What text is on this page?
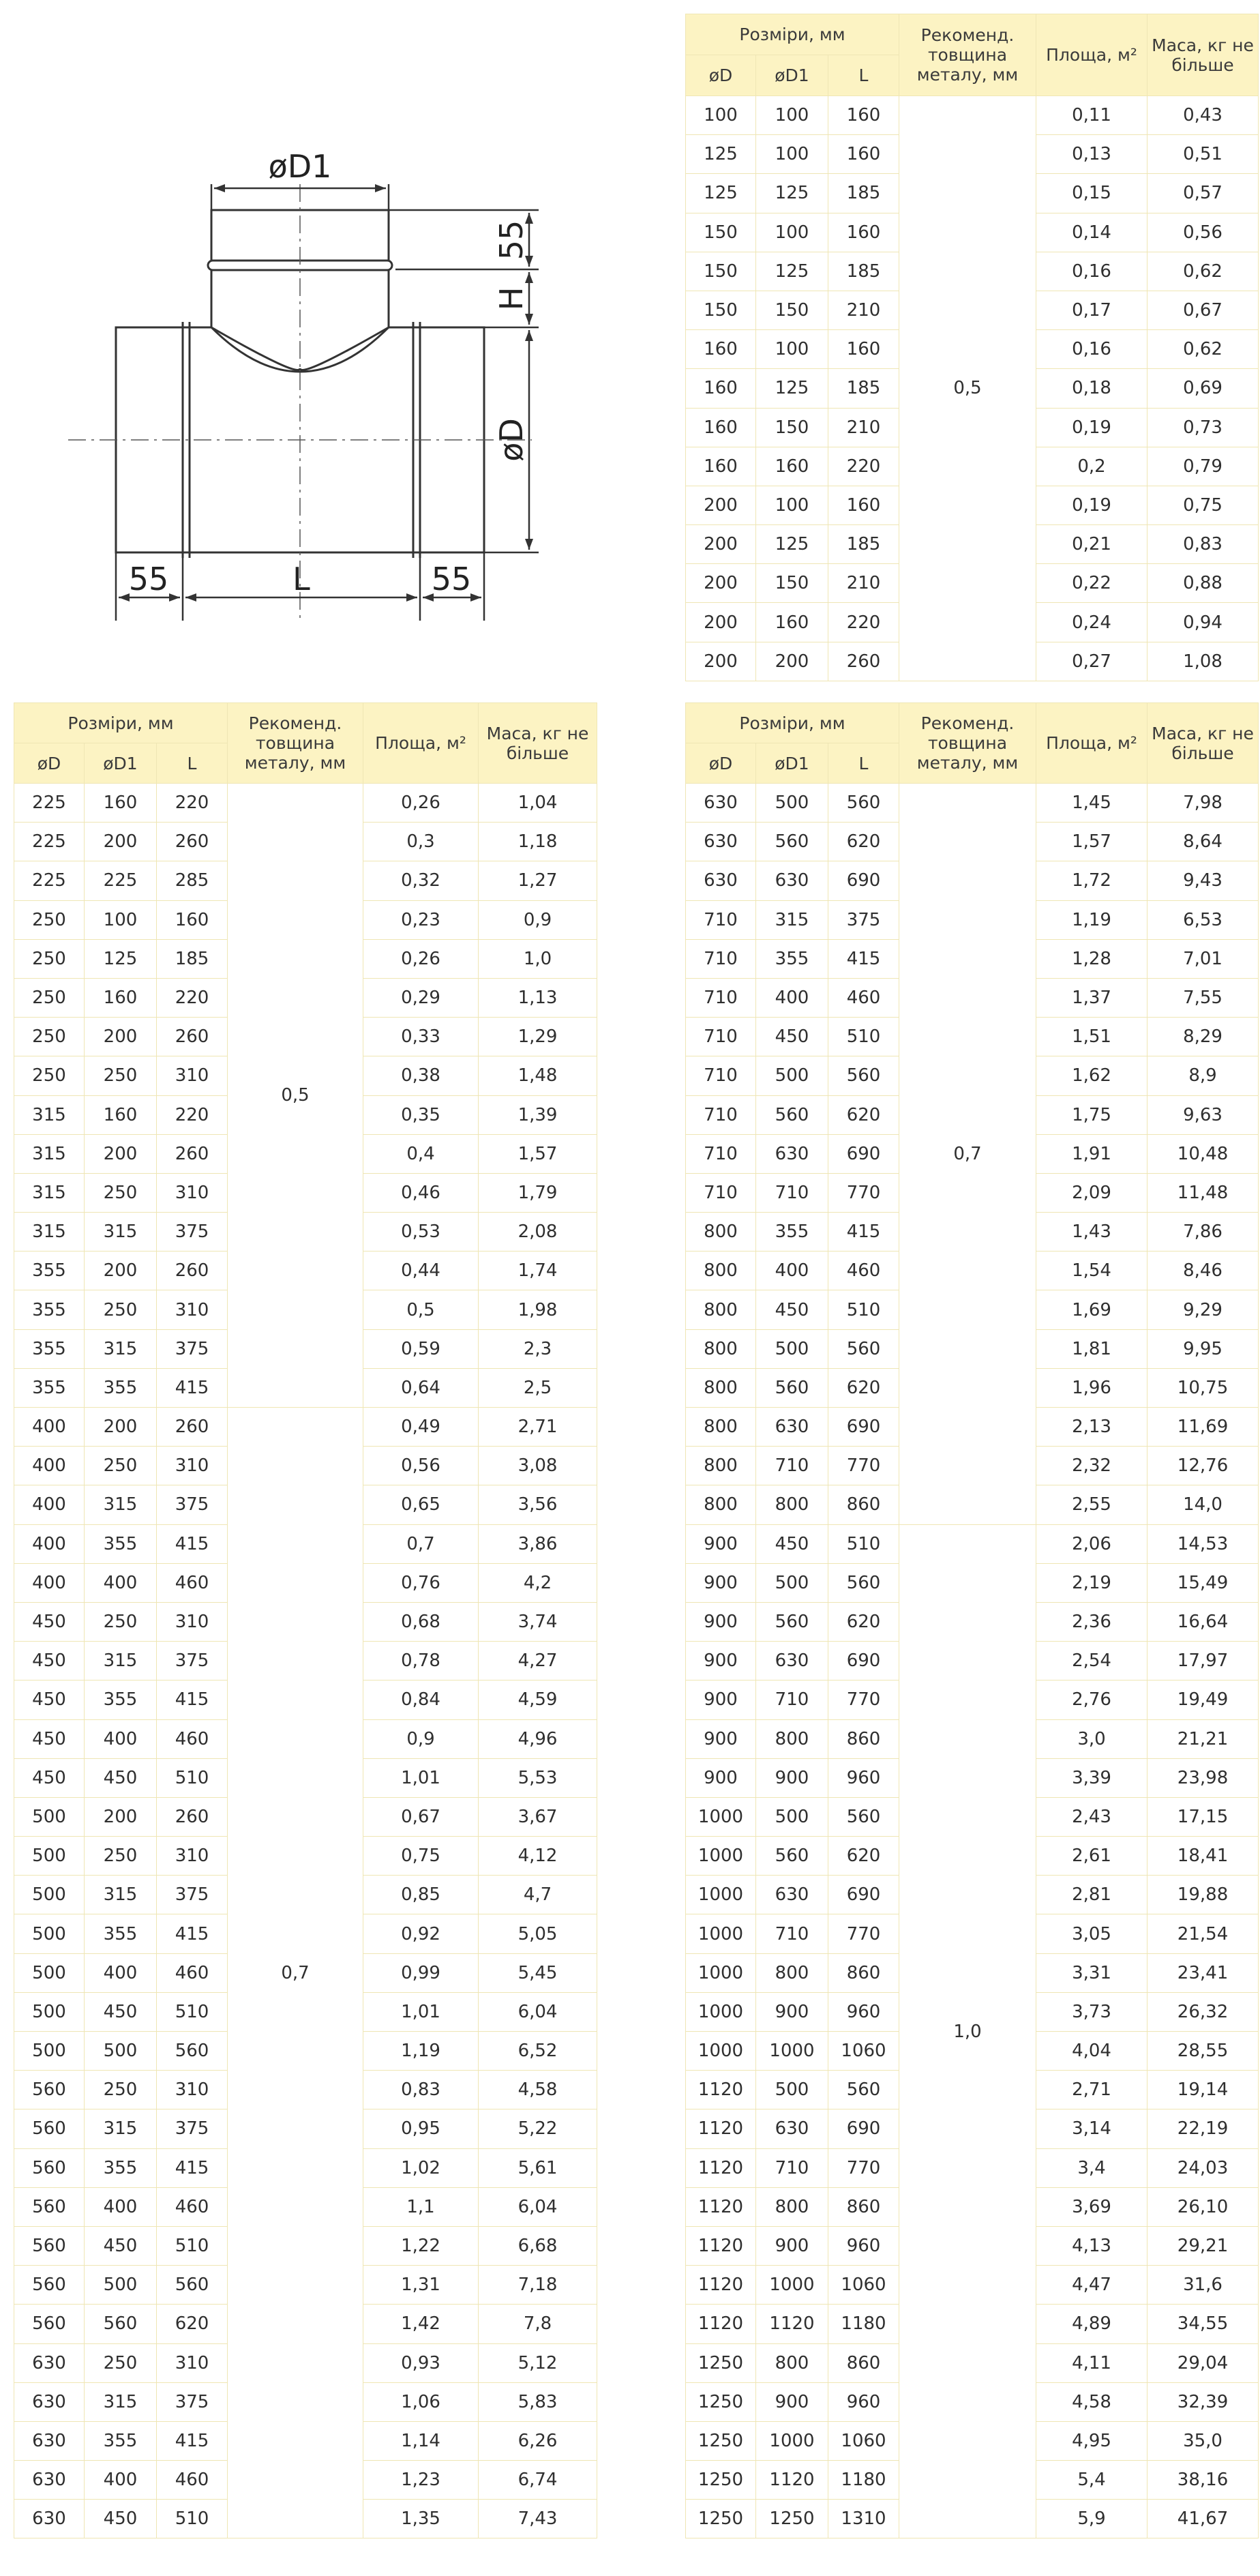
øD1
L
55	55
55
H
øD
Розміри, мм			Рекоменд. товщина металу, мм	Площа, м²	Маса, кг не більше
øD	øD1	L			
100	100	160	0,5	0,11	0,43
125	100	160		0,13	0,51
125	125	185		0,15	0,57
150	100	160		0,14	0,56
150	125	185		0,16	0,62
150	150	210		0,17	0,67
160	100	160		0,16	0,62
160	125	185		0,18	0,69
160	150	210		0,19	0,73
160	160	220		0,2	0,79
200	100	160		0,19	0,75
200	125	185		0,21	0,83
200	150	210		0,22	0,88
200	160	220		0,24	0,94
200	200	260		0,27	1,08
Розміри, мм			Рекоменд. товщина металу, мм	Площа, м²	Маса, кг не більше
øD	øD1	L			
225	160	220	0,5	0,26	1,04
225	200	260		0,3	1,18
225	225	285		0,32	1,27
250	100	160		0,23	0,9
250	125	185		0,26	1,0
250	160	220		0,29	1,13
250	200	260		0,33	1,29
250	250	310		0,38	1,48
315	160	220		0,35	1,39
315	200	260		0,4	1,57
315	250	310		0,46	1,79
315	315	375		0,53	2,08
355	200	260		0,44	1,74
355	250	310		0,5	1,98
355	315	375		0,59	2,3
355	355	415		0,64	2,5
400	200	260	0,7	0,49	2,71
400	250	310		0,56	3,08
400	315	375		0,65	3,56
400	355	415		0,7	3,86
400	400	460		0,76	4,2
450	250	310		0,68	3,74
450	315	375		0,78	4,27
450	355	415		0,84	4,59
450	400	460		0,9	4,96
450	450	510		1,01	5,53
500	200	260		0,67	3,67
500	250	310		0,75	4,12
500	315	375		0,85	4,7
500	355	415		0,92	5,05
500	400	460		0,99	5,45
500	450	510		1,01	6,04
500	500	560		1,19	6,52
560	250	310		0,83	4,58
560	315	375		0,95	5,22
560	355	415		1,02	5,61
560	400	460		1,1	6,04
560	450	510		1,22	6,68
560	500	560		1,31	7,18
560	560	620		1,42	7,8
630	250	310		0,93	5,12
630	315	375		1,06	5,83
630	355	415		1,14	6,26
630	400	460		1,23	6,74
630	450	510		1,35	7,43
Розміри, мм			Рекоменд. товщина металу, мм	Площа, м²	Маса, кг не більше
øD	øD1	L			
630	500	560	0,7	1,45	7,98
630	560	620		1,57	8,64
630	630	690		1,72	9,43
710	315	375		1,19	6,53
710	355	415		1,28	7,01
710	400	460		1,37	7,55
710	450	510		1,51	8,29
710	500	560		1,62	8,9
710	560	620		1,75	9,63
710	630	690		1,91	10,48
710	710	770		2,09	11,48
800	355	415		1,43	7,86
800	400	460		1,54	8,46
800	450	510		1,69	9,29
800	500	560		1,81	9,95
800	560	620		1,96	10,75
800	630	690		2,13	11,69
800	710	770		2,32	12,76
800	800	860		2,55	14,0
900	450	510	1,0	2,06	14,53
900	500	560		2,19	15,49
900	560	620		2,36	16,64
900	630	690		2,54	17,97
900	710	770		2,76	19,49
900	800	860		3,0	21,21
900	900	960		3,39	23,98
1000	500	560		2,43	17,15
1000	560	620		2,61	18,41
1000	630	690		2,81	19,88
1000	710	770		3,05	21,54
1000	800	860		3,31	23,41
1000	900	960		3,73	26,32
1000	1000	1060		4,04	28,55
1120	500	560		2,71	19,14
1120	630	690		3,14	22,19
1120	710	770		3,4	24,03
1120	800	860		3,69	26,10
1120	900	960		4,13	29,21
1120	1000	1060		4,47	31,6
1120	1120	1180		4,89	34,55
1250	800	860		4,11	29,04
1250	900	960		4,58	32,39
1250	1000	1060		4,95	35,0
1250	1120	1180		5,4	38,16
1250	1250	1310		5,9	41,67
